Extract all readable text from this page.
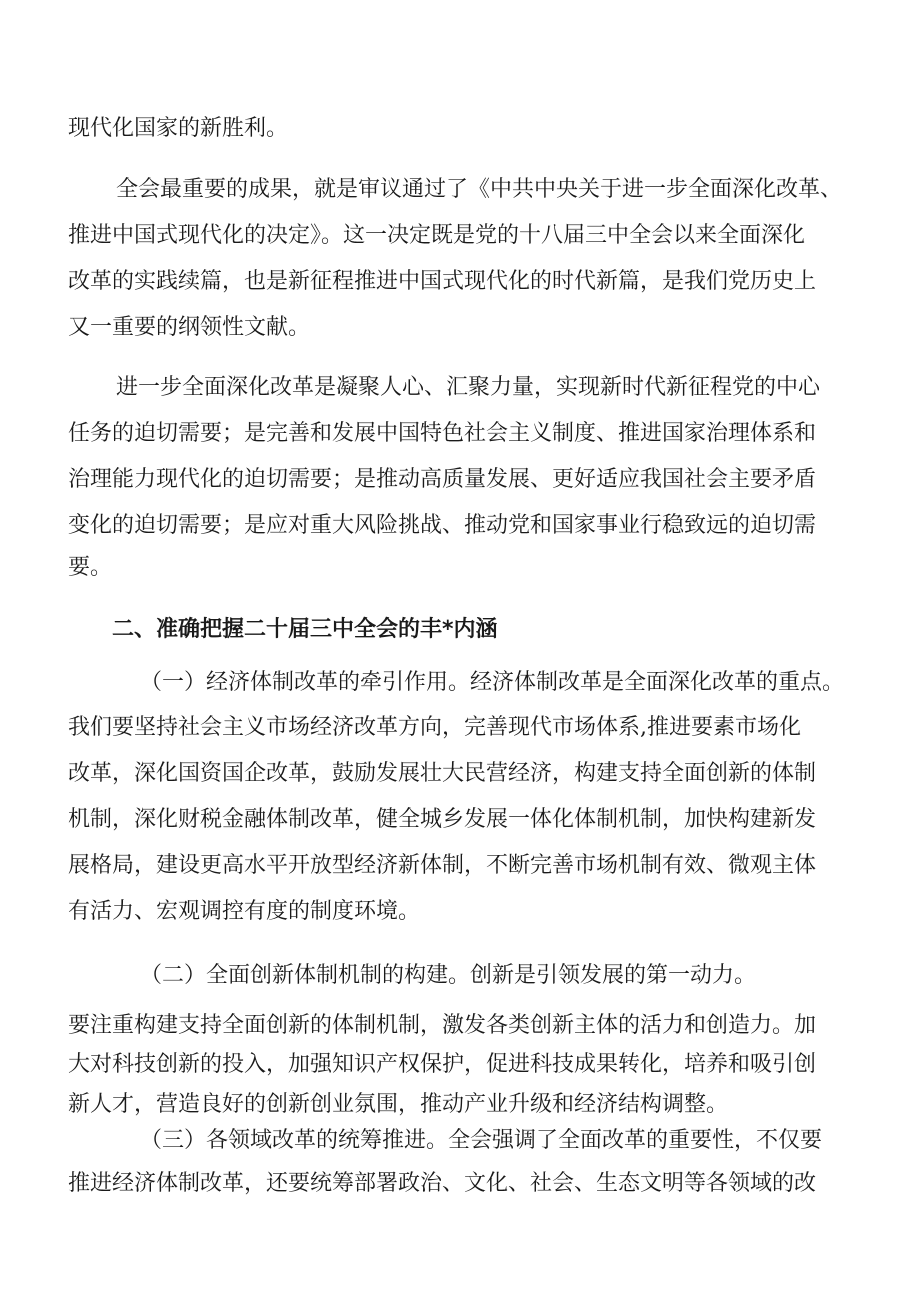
现代化国家的新胜利。
全会最重要的成果，就是审议通过了《中共中央关于进一步全面深化改革、
推进中国式现代化的决定》。这一决定既是党的十八届三中全会以来全面深化
改革的实践续篇，也是新征程推进中国式现代化的时代新篇，是我们党历史上
又一重要的纲领性文献。
进一步全面深化改革是凝聚人心、汇聚力量，实现新时代新征程党的中心
任务的迫切需要；是完善和发展中国特色社会主义制度、推进国家治理体系和
治理能力现代化的迫切需要；是推动高质量发展、更好适应我国社会主要矛盾
变化的迫切需要；是应对重大风险挑战、推动党和国家事业行稳致远的迫切需
要。
二、准确把握二十届三中全会的丰*内涵
（一）经济体制改革的牵引作用。经济体制改革是全面深化改革的重点。
我们要坚持社会主义市场经济改革方向，完善现代市场体系,推进要素市场化
改革，深化国资国企改革，鼓励发展壮大民营经济，构建支持全面创新的体制
机制，深化财税金融体制改革，健全城乡发展一体化体制机制，加快构建新发
展格局，建设更高水平开放型经济新体制，不断完善市场机制有效、微观主体
有活力、宏观调控有度的制度环境。
（二）全面创新体制机制的构建。创新是引领发展的第一动力。
要注重构建支持全面创新的体制机制，激发各类创新主体的活力和创造力。加
大对科技创新的投入，加强知识产权保护，促进科技成果转化，培养和吸引创
新人才，营造良好的创新创业氛围，推动产业升级和经济结构调整。
（三）各领域改革的统筹推进。全会强调了全面改革的重要性，不仅要
推进经济体制改革，还要统筹部署政治、文化、社会、生态文明等各领域的改
